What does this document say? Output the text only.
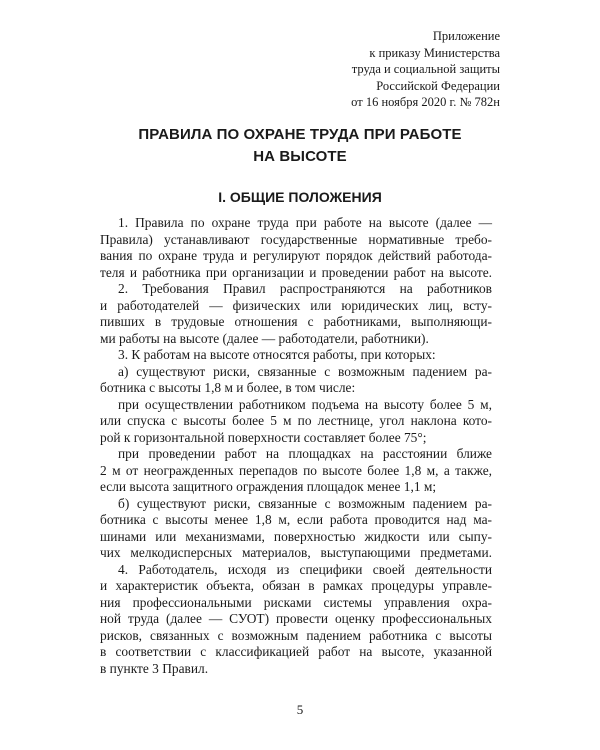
Приложение
к приказу Министерства
труда и социальной защиты
Российской Федерации
от 16 ноября 2020 г. № 782н
ПРАВИЛА ПО ОХРАНЕ ТРУДА ПРИ РАБОТЕ
НА ВЫСОТЕ
I. ОБЩИЕ ПОЛОЖЕНИЯ
1. Правила по охране труда при работе на высоте (далее —
Правила) устанавливают государственные нормативные требо-
вания по охране труда и регулируют порядок действий работода-
теля и работника при организации и проведении работ на высоте.
2. Требования Правил распространяются на работников
и работодателей — физических или юридических лиц, всту-
пивших в трудовые отношения с работниками, выполняющи-
ми работы на высоте (далее — работодатели, работники).
3. К работам на высоте относятся работы, при которых:
а) существуют риски, связанные с возможным падением ра-
ботника с высоты 1,8 м и более, в том числе:
при осуществлении работником подъема на высоту более 5 м,
или спуска с высоты более 5 м по лестнице, угол наклона кото-
рой к горизонтальной поверхности составляет более 75°;
при проведении работ на площадках на расстоянии ближе
2 м от неогражденных перепадов по высоте более 1,8 м, а также,
если высота защитного ограждения площадок менее 1,1 м;
б) существуют риски, связанные с возможным падением ра-
ботника с высоты менее 1,8 м, если работа проводится над ма-
шинами или механизмами, поверхностью жидкости или сыпу-
чих мелкодисперсных материалов, выступающими предметами.
4. Работодатель, исходя из специфики своей деятельности
и характеристик объекта, обязан в рамках процедуры управле-
ния профессиональными рисками системы управления охра-
ной труда (далее — СУОТ) провести оценку профессиональных
рисков, связанных с возможным падением работника с высоты
в соответствии с классификацией работ на высоте, указанной
в пункте 3 Правил.
5
